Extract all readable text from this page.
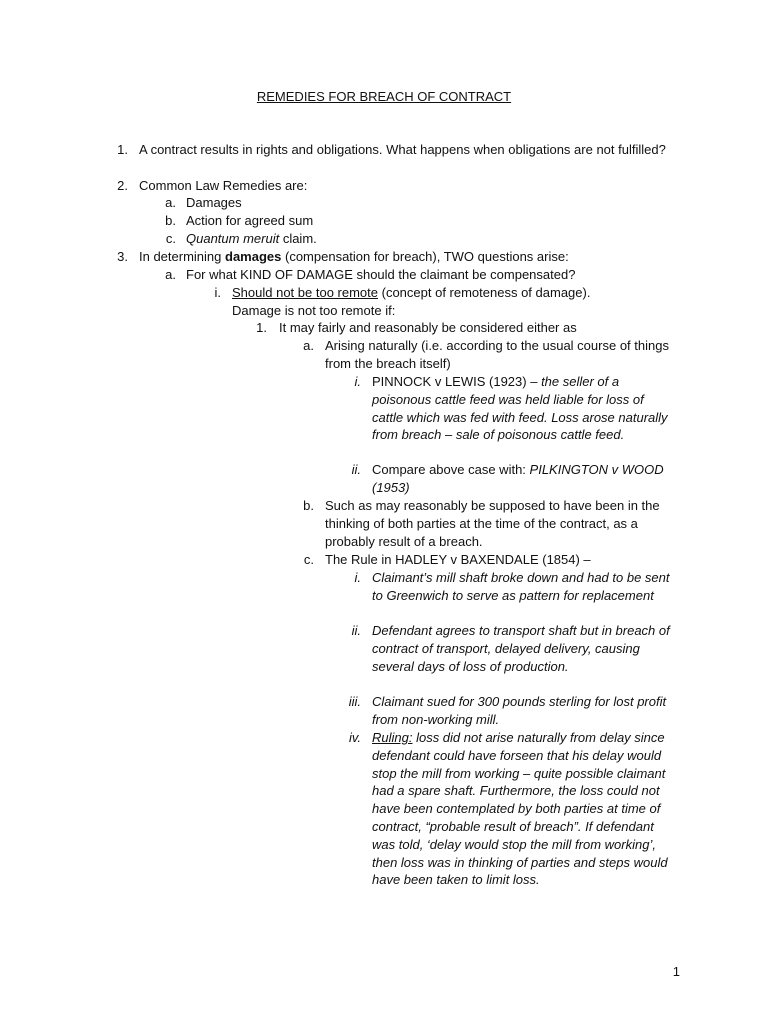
REMEDIES FOR BREACH OF CONTRACT
1. A contract results in rights and obligations. What happens when obligations are not fulfilled?
2. Common Law Remedies are:
a. Damages
b. Action for agreed sum
c. Quantum meruit claim.
3. In determining damages (compensation for breach), TWO questions arise:
a. For what KIND OF DAMAGE should the claimant be compensated?
i. Should not be too remote (concept of remoteness of damage). Damage is not too remote if:
1. It may fairly and reasonably be considered either as
a. Arising naturally (i.e. according to the usual course of things from the breach itself)
i. PINNOCK v LEWIS (1923) – the seller of a poisonous cattle feed was held liable for loss of cattle which was fed with feed. Loss arose naturally from breach – sale of poisonous cattle feed.
ii. Compare above case with: PILKINGTON v WOOD (1953)
b. Such as may reasonably be supposed to have been in the thinking of both parties at the time of the contract, as a probably result of a breach.
c. The Rule in HADLEY v BAXENDALE (1854) –
i. Claimant’s mill shaft broke down and had to be sent to Greenwich to serve as pattern for replacement
ii. Defendant agrees to transport shaft but in breach of contract of transport, delayed delivery, causing several days of loss of production.
iii. Claimant sued for 300 pounds sterling for lost profit from non-working mill.
iv. Ruling: loss did not arise naturally from delay since defendant could have forseen that his delay would stop the mill from working – quite possible claimant had a spare shaft. Furthermore, the loss could not have been contemplated by both parties at time of contract, “probable result of breach”. If defendant was told, ‘delay would stop the mill from working’, then loss was in thinking of parties and steps would have been taken to limit loss.
1
